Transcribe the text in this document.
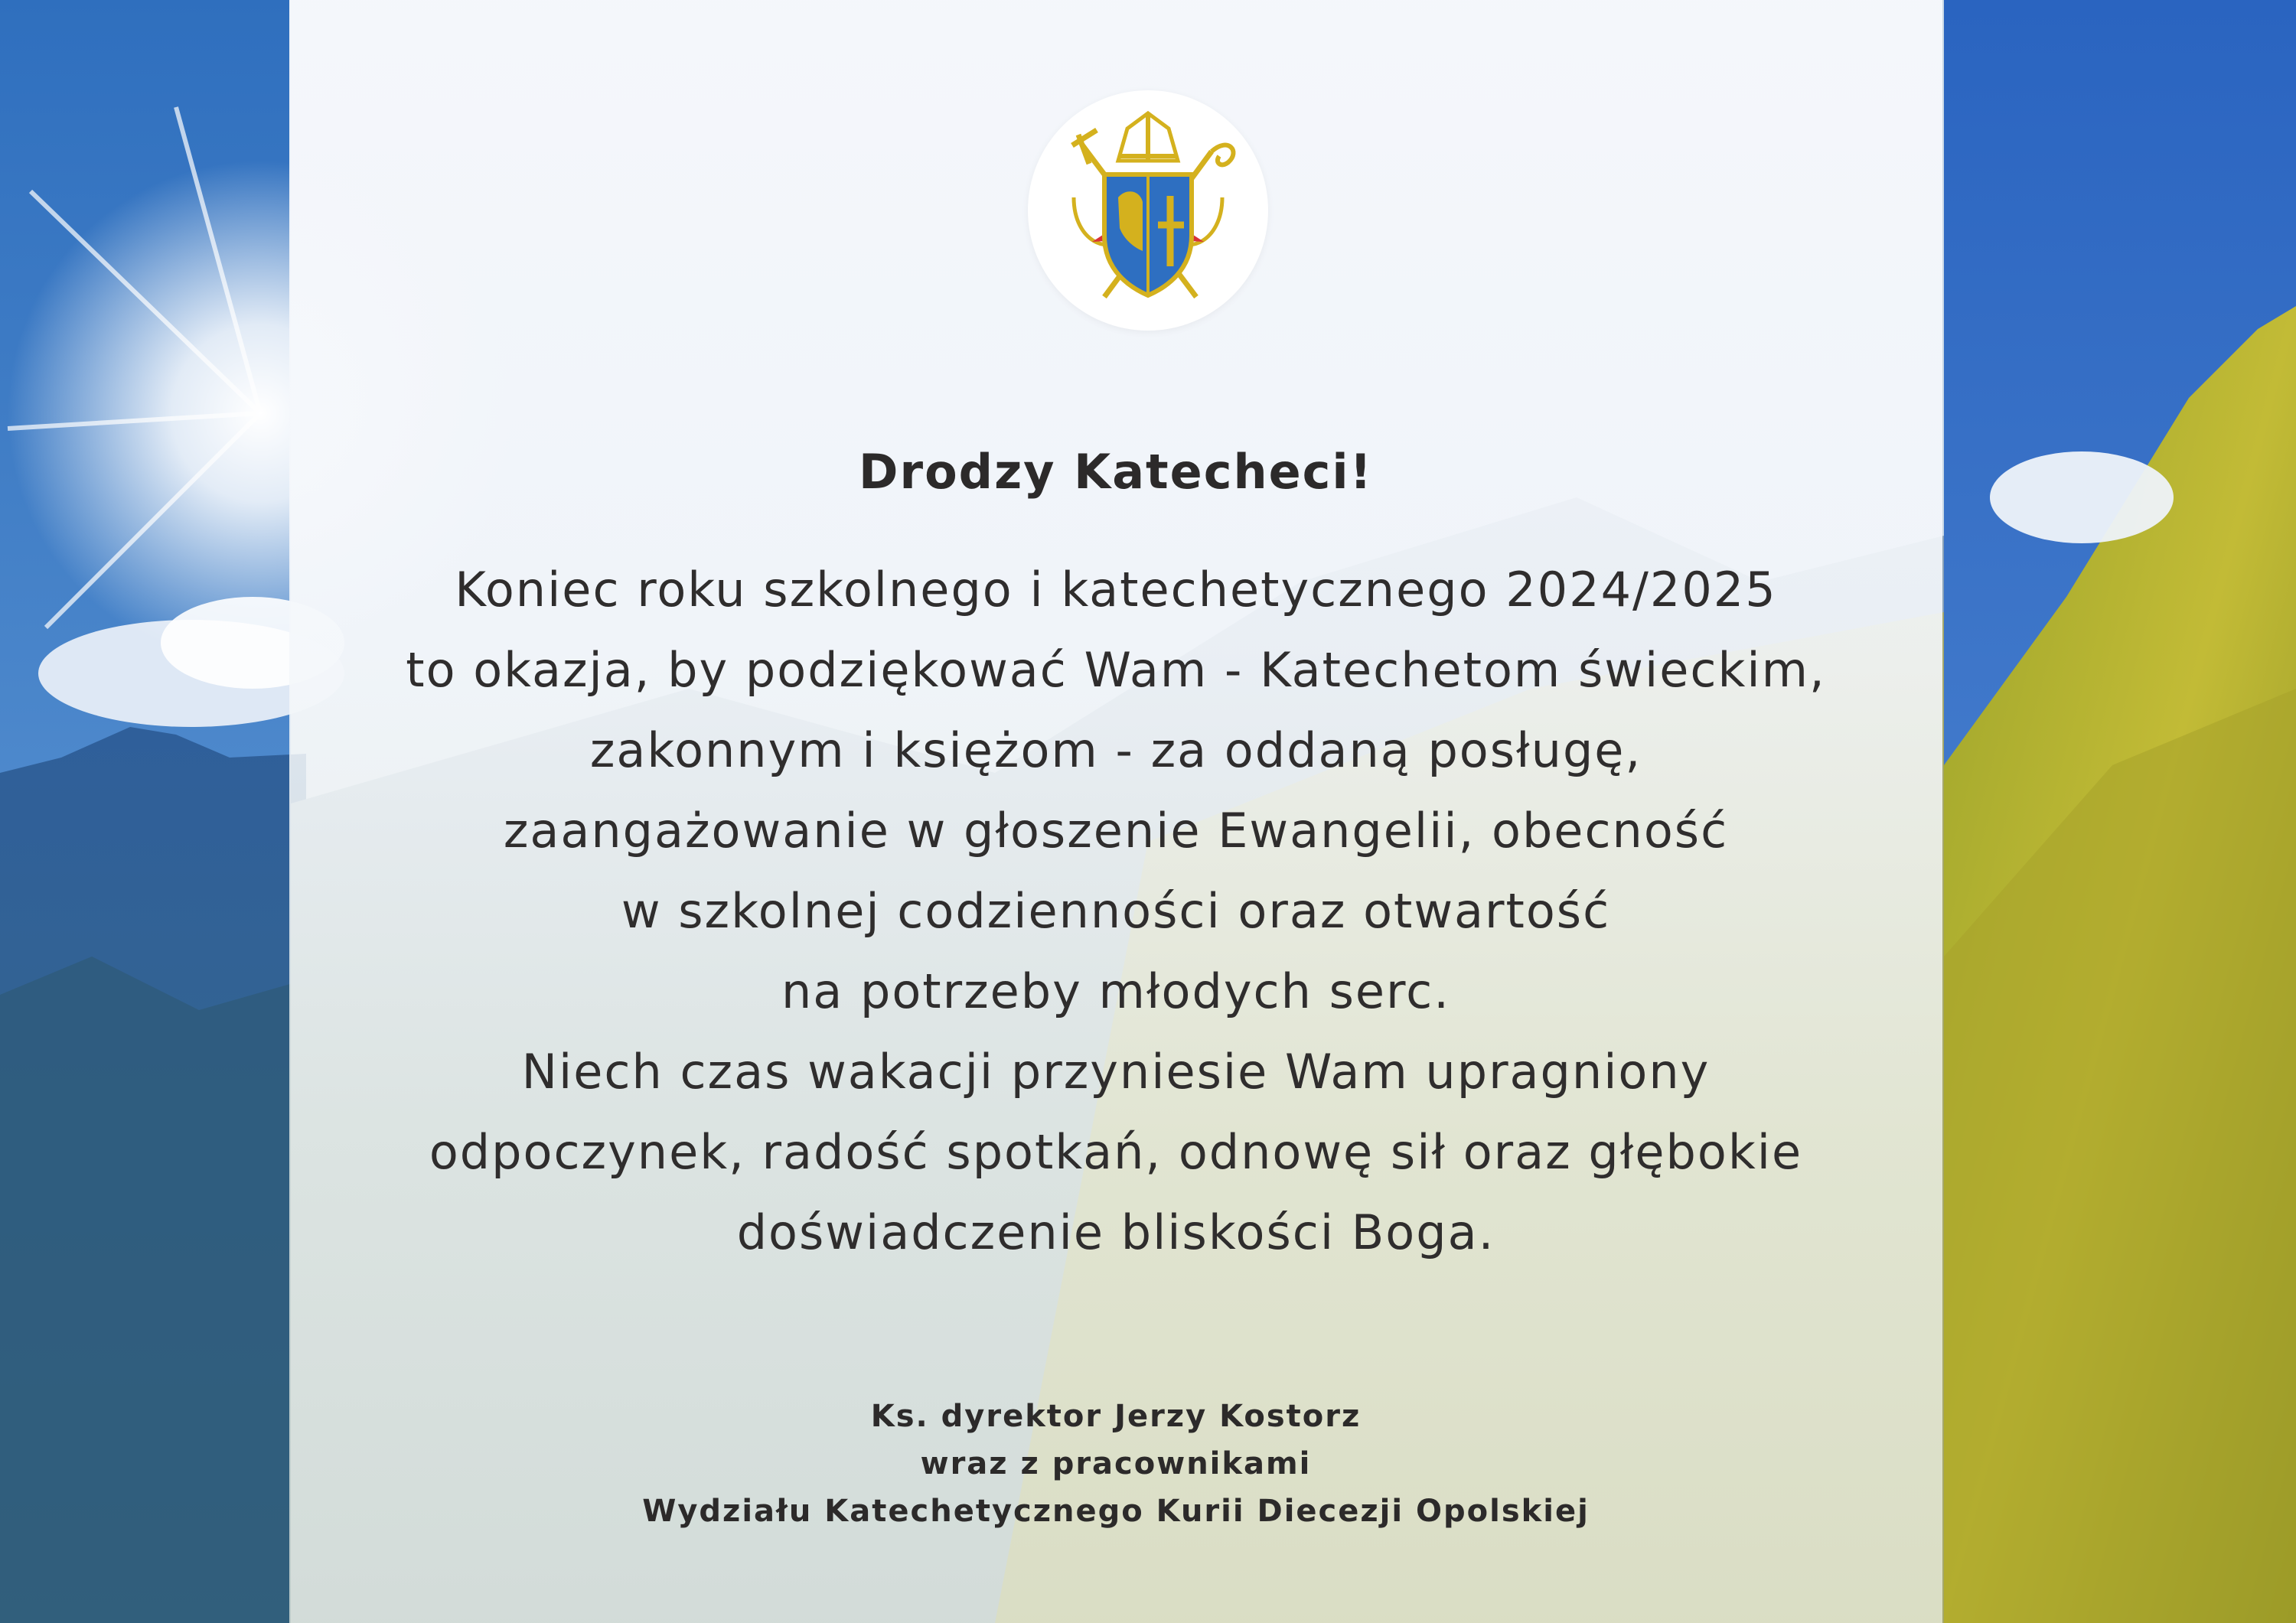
Drodzy Katecheci!
Koniec roku szkolnego i katechetycznego 2024/2025
to okazja, by podziękować Wam - Katechetom świeckim,
zakonnym i księżom - za oddaną posługę,
zaangażowanie w głoszenie Ewangelii, obecność
w szkolnej codzienności oraz otwartość
na potrzeby młodych serc.
Niech czas wakacji przyniesie Wam upragniony
odpoczynek, radość spotkań, odnowę sił oraz głębokie
doświadczenie bliskości Boga.
Ks. dyrektor Jerzy Kostorz
wraz z pracownikami
Wydziału Katechetycznego Kurii Diecezji Opolskiej
